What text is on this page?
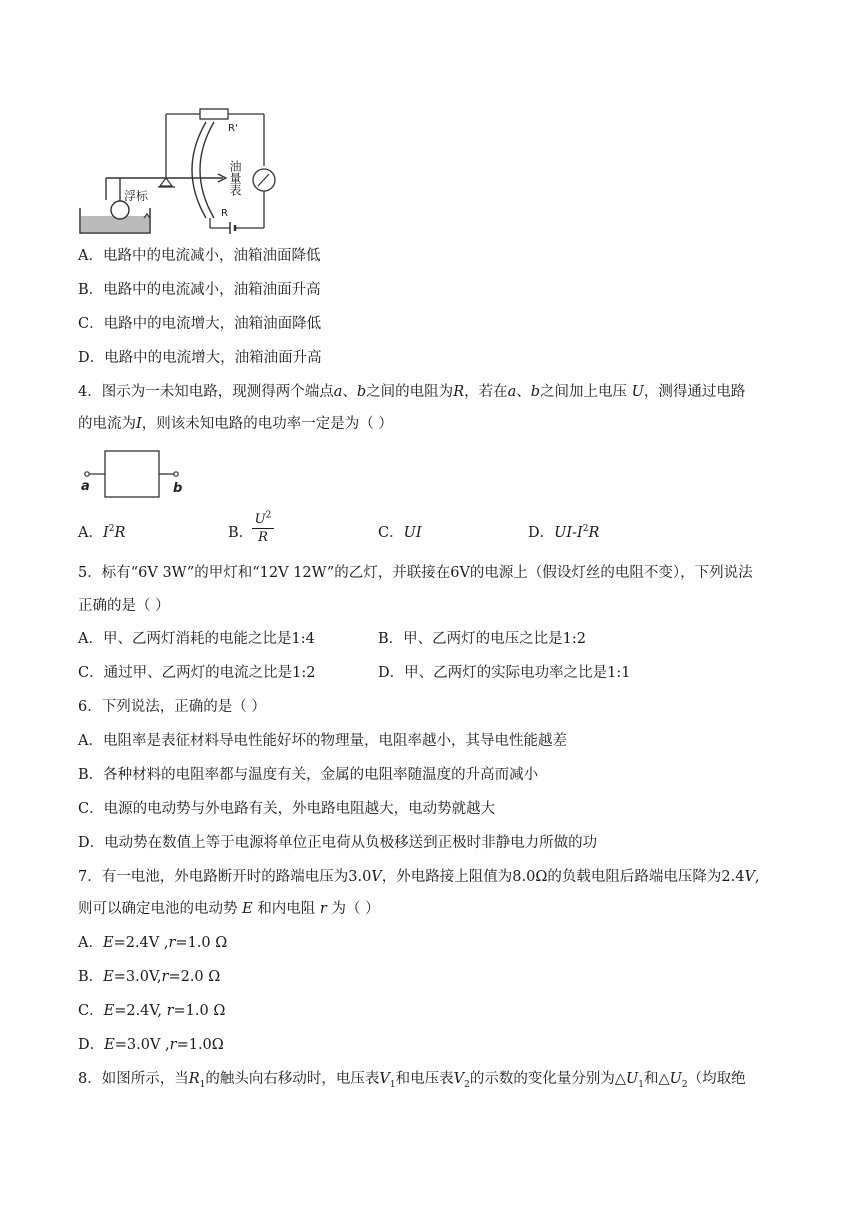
R'
R
浮标	油量表
A．电路中的电流减小，油箱油面降低
B．电路中的电流减小，油箱油面升高
C．电路中的电流增大，油箱油面降低
D．电路中的电流增大，油箱油面升高
4．图示为一未知电路，现测得两个端点a、b之间的电阻为R，若在a、b之间加上电压 U，测得通过电路
的电流为I，则该未知电路的电功率一定是为（ ）
a	b
A．$I^2R$	B．
$U^2$
R	C．UI	D．$UI-I^2R$
5．标有“6V 3W”的甲灯和“12V 12W”的乙灯，并联接在6V的电源上（假设灯丝的电阻不变），下列说法
正确的是（ ）
A．甲、乙两灯消耗的电能之比是1:4	B．甲、乙两灯的电压之比是1:2
C．通过甲、乙两灯的电流之比是1:2	D．甲、乙两灯的实际电功率之比是1:1
6．下列说法，正确的是（ ）
A．电阻率是表征材料导电性能好坏的物理量，电阻率越小，其导电性能越差
B．各种材料的电阻率都与温度有关，金属的电阻率随温度的升高而减小
C．电源的电动势与外电路有关，外电路电阻越大，电动势就越大
D．电动势在数值上等于电源将单位正电荷从负极移送到正极时非静电力所做的功
7．有一电池，外电路断开时的路端电压为3.0V，外电路接上阻值为8.0Ω的负载电阻后路端电压降为2.4V,
则可以确定电池的电动势 E 和内电阻 r 为（ ）
A．E=2.4V ,r=1.0 Ω
B．E=3.0V,r=2.0 Ω
C．E=2.4V, r=1.0 Ω
D．E=3.0V ,r=1.0Ω
8．如图所示，当$R_1$的触头向右移动时，电压表$V_1$和电压表$V_2$的示数的变化量分别为$\triangle U_1$和$\triangle U_2$（均取绝
